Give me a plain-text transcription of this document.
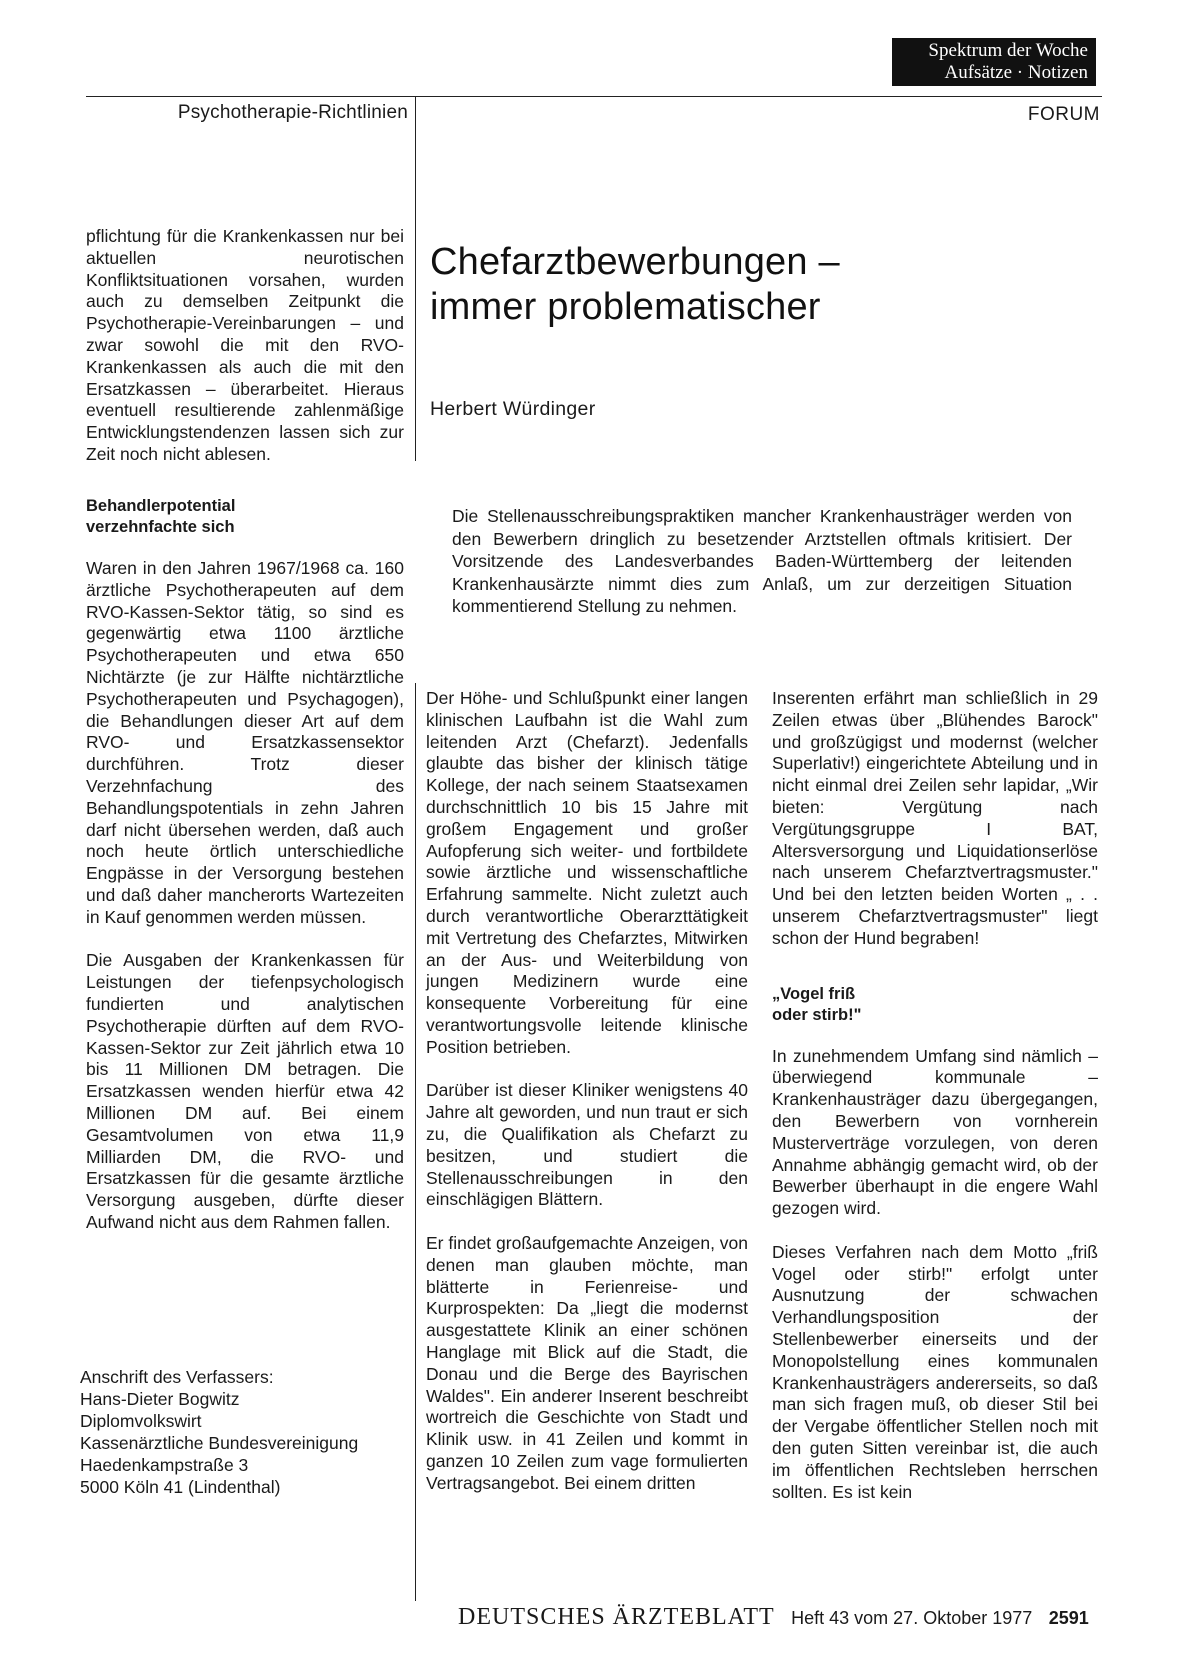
Spektrum der Woche
Aufsätze · Notizen
Psychotherapie-Richtlinien	FORUM

pflichtung für die Krankenkassen nur bei aktuellen neurotischen Konfliktsituationen vorsahen, wurden auch zu demselben Zeitpunkt die Psychotherapie-Vereinbarungen – und zwar sowohl die mit den RVO-Krankenkassen als auch die mit den Ersatzkassen – überarbeitet. Hieraus eventuell resultierende zahlenmäßige Entwicklungstendenzen lassen sich zur Zeit noch nicht ablesen.

Behandlerpotential
verzehnfachte sich

Waren in den Jahren 1967/1968 ca. 160 ärztliche Psychotherapeuten auf dem RVO-Kassen-Sektor tätig, so sind es gegenwärtig etwa 1100 ärztliche Psychotherapeuten und etwa 650 Nichtärzte (je zur Hälfte nichtärztliche Psychotherapeuten und Psychagogen), die Behandlungen dieser Art auf dem RVO- und Ersatzkassensektor durchführen. Trotz dieser Verzehnfachung des Behandlungspotentials in zehn Jahren darf nicht übersehen werden, daß auch noch heute örtlich unterschiedliche Engpässe in der Versorgung bestehen und daß daher mancherorts Wartezeiten in Kauf genommen werden müssen.

Die Ausgaben der Krankenkassen für Leistungen der tiefenpsychologisch fundierten und analytischen Psychotherapie dürften auf dem RVO-Kassen-Sektor zur Zeit jährlich etwa 10 bis 11 Millionen DM betragen. Die Ersatzkassen wenden hierfür etwa 42 Millionen DM auf. Bei einem Gesamtvolumen von etwa 11,9 Milliarden DM, die RVO- und Ersatzkassen für die gesamte ärztliche Versorgung ausgeben, dürfte dieser Aufwand nicht aus dem Rahmen fallen.

Anschrift des Verfassers:
Hans-Dieter Bogwitz
Diplomvolkswirt
Kassenärztliche Bundesvereinigung
Haedenkampstraße 3
5000 Köln 41 (Lindenthal)
Chefarztbewerbungen –
immer problematischer
Herbert Würdinger
Die Stellenausschreibungspraktiken mancher Krankenhausträger werden von den Bewerbern dringlich zu besetzender Arztstellen oftmals kritisiert. Der Vorsitzende des Landesverbandes Baden-Württemberg der leitenden Krankenhausärzte nimmt dies zum Anlaß, um zur derzeitigen Situation kommentierend Stellung zu nehmen.

Der Höhe- und Schlußpunkt einer langen klinischen Laufbahn ist die Wahl zum leitenden Arzt (Chefarzt). Jedenfalls glaubte das bisher der klinisch tätige Kollege, der nach seinem Staatsexamen durchschnittlich 10 bis 15 Jahre mit großem Engagement und großer Aufopferung sich weiter- und fortbildete sowie ärztliche und wissenschaftliche Erfahrung sammelte. Nicht zuletzt auch durch verantwortliche Oberarzttätigkeit mit Vertretung des Chefarztes, Mitwirken an der Aus- und Weiterbildung von jungen Medizinern wurde eine konsequente Vorbereitung für eine verantwortungsvolle leitende klinische Position betrieben.

Darüber ist dieser Kliniker wenigstens 40 Jahre alt geworden, und nun traut er sich zu, die Qualifikation als Chefarzt zu besitzen, und studiert die Stellenausschreibungen in den einschlägigen Blättern.

Er findet großaufgemachte Anzeigen, von denen man glauben möchte, man blätterte in Ferienreise- und Kurprospekten: Da „liegt die modernst ausgestattete Klinik an einer schönen Hanglage mit Blick auf die Stadt, die Donau und die Berge des Bayrischen Waldes". Ein anderer Inserent beschreibt wortreich die Geschichte von Stadt und Klinik usw. in 41 Zeilen und kommt in ganzen 10 Zeilen zum vage formulierten Vertragsangebot. Bei einem dritten

Inserenten erfährt man schließlich in 29 Zeilen etwas über „Blühendes Barock" und großzügigst und modernst (welcher Superlativ!) eingerichtete Abteilung und in nicht einmal drei Zeilen sehr lapidar, „Wir bieten: Vergütung nach Vergütungsgruppe I BAT, Altersversorgung und Liquidationserlöse nach unserem Chefarztvertragsmuster." Und bei den letzten beiden Worten „ . . unserem Chefarztvertragsmuster" liegt schon der Hund begraben!

„Vogel friß
oder stirb!"

In zunehmendem Umfang sind nämlich – überwiegend kommunale – Krankenhausträger dazu übergegangen, den Bewerbern von vornherein Musterverträge vorzulegen, von deren Annahme abhängig gemacht wird, ob der Bewerber überhaupt in die engere Wahl gezogen wird.

Dieses Verfahren nach dem Motto „friß Vogel oder stirb!" erfolgt unter Ausnutzung der schwachen Verhandlungsposition der Stellenbewerber einerseits und der Monopolstellung eines kommunalen Krankenhausträgers andererseits, so daß man sich fragen muß, ob dieser Stil bei der Vergabe öffentlicher Stellen noch mit den guten Sitten vereinbar ist, die auch im öffentlichen Rechtsleben herrschen sollten. Es ist kein

DEUTSCHES ÄRZTEBLATT Heft 43 vom 27. Oktober 1977 2591
